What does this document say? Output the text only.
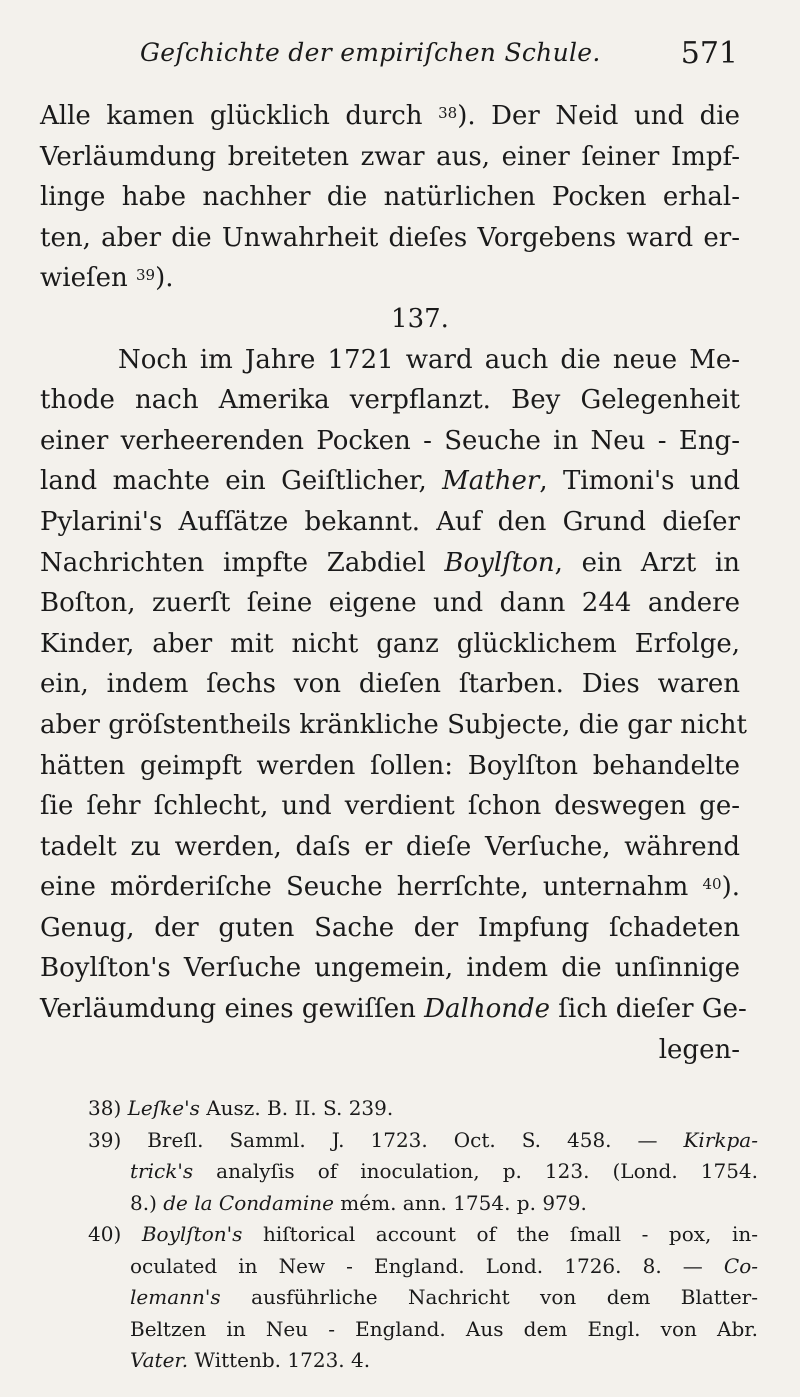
Geſchichte der empiriſchen Schule.	571
Alle kamen glücklich durch $^{38}$). Der Neid und die
Verläumdung breiteten zwar aus, einer ſeiner Impf-
linge habe nachher die natürlichen Pocken erhal-
ten, aber die Unwahrheit dieſes Vorgebens ward er-
wieſen $^{39}$).
137.
Noch im Jahre 1721 ward auch die neue Me-
thode nach Amerika verpflanzt. Bey Gelegenheit
einer verheerenden Pocken - Seuche in Neu - Eng-
land machte ein Geiſtlicher, Mather, Timoni's und
Pylarini's Aufſätze bekannt. Auf den Grund dieſer
Nachrichten impfte Zabdiel Boylſton, ein Arzt in
Boſton, zuerſt ſeine eigene und dann 244 andere
Kinder, aber mit nicht ganz glücklichem Erfolge,
ein, indem ſechs von dieſen ſtarben. Dies waren
aber gröſstentheils kränkliche Subjecte, die gar nicht
hätten geimpft werden ſollen: Boylſton behandelte
ſie ſehr ſchlecht, und verdient ſchon deswegen ge-
tadelt zu werden, daſs er dieſe Verſuche, während
eine mörderiſche Seuche herrſchte, unternahm $^{40}$).
Genug, der guten Sache der Impfung ſchadeten
Boylſton's Verſuche ungemein, indem die unſinnige
Verläumdung eines gewiſſen Dalhonde ſich dieſer Ge-
legen-
38) Leſke's Ausz. B. II. S. 239.
39) Breſl. Samml. J. 1723. Oct. S. 458. — Kirkpa-
trick's analyſis of inoculation, p. 123. (Lond. 1754.
8.) de la Condamine mém. ann. 1754. p. 979.
40) Boylſton's hiſtorical account of the ſmall - pox, in-
oculated in New - England. Lond. 1726. 8. — Co-
lemann's ausführliche Nachricht von dem Blatter-
Beltzen in Neu - England. Aus dem Engl. von Abr.
Vater. Wittenb. 1723. 4.
